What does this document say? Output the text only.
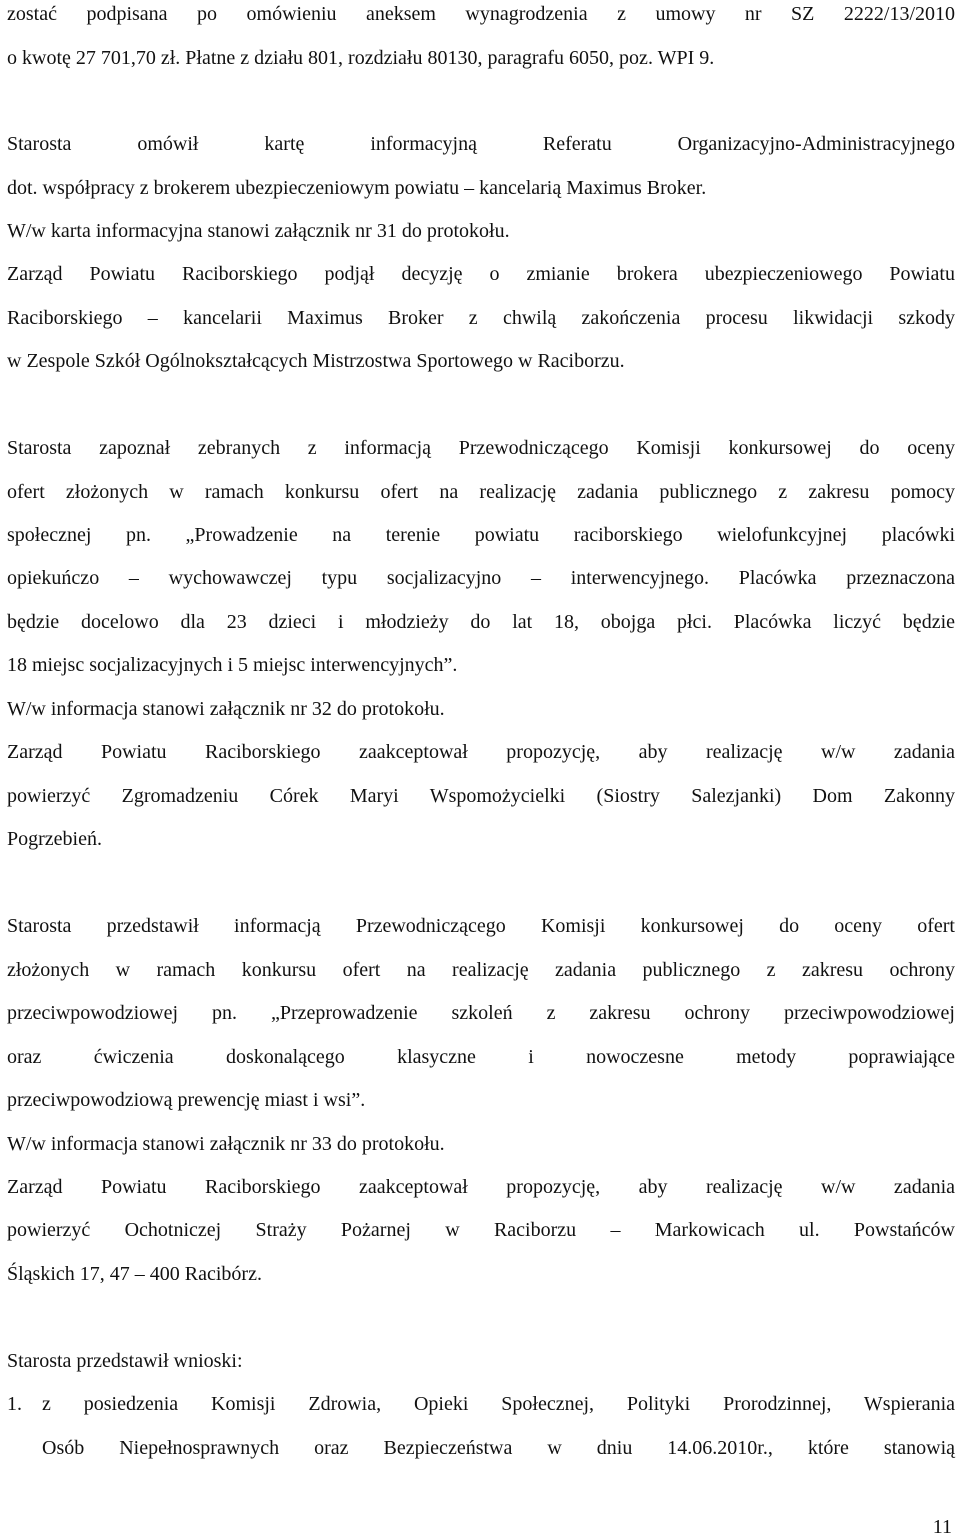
zostać podpisana po omówieniu aneksem wynagrodzenia z umowy nr SZ 2222/13/2010
o kwotę 27 701,70 zł. Płatne z działu 801, rozdziału 80130, paragrafu 6050, poz. WPI 9.
Starosta omówił kartę informacyjną Referatu Organizacyjno-Administracyjnego
dot. współpracy z brokerem ubezpieczeniowym powiatu – kancelarią Maximus Broker.
W/w karta informacyjna stanowi załącznik nr 31 do protokołu.
Zarząd Powiatu Raciborskiego podjął decyzję o zmianie brokera ubezpieczeniowego Powiatu
Raciborskiego – kancelarii Maximus Broker z chwilą zakończenia procesu likwidacji szkody
w Zespole Szkół Ogólnokształcących Mistrzostwa Sportowego w Raciborzu.
Starosta zapoznał zebranych z informacją Przewodniczącego Komisji konkursowej do oceny
ofert złożonych w ramach konkursu ofert na realizację zadania publicznego z zakresu pomocy
społecznej pn. „Prowadzenie na terenie powiatu raciborskiego wielofunkcyjnej placówki
opiekuńczo – wychowawczej typu socjalizacyjno – interwencyjnego. Placówka przeznaczona
będzie docelowo dla 23 dzieci i młodzieży do lat 18, obojga płci. Placówka liczyć będzie
18 miejsc socjalizacyjnych i 5 miejsc interwencyjnych”.
W/w informacja stanowi załącznik nr 32 do protokołu.
Zarząd Powiatu Raciborskiego zaakceptował propozycję, aby realizację w/w zadania
powierzyć Zgromadzeniu Córek Maryi Wspomożycielki (Siostry Salezjanki) Dom Zakonny
Pogrzebień.
Starosta przedstawił informacją Przewodniczącego Komisji konkursowej do oceny ofert
złożonych w ramach konkursu ofert na realizację zadania publicznego z zakresu ochrony
przeciwpowodziowej pn. „Przeprowadzenie szkoleń z zakresu ochrony przeciwpowodziowej
oraz ćwiczenia doskonalącego klasyczne i nowoczesne metody poprawiające
przeciwpowodziową prewencję miast i wsi”.
W/w informacja stanowi załącznik nr 33 do protokołu.
Zarząd Powiatu Raciborskiego zaakceptował propozycję, aby realizację w/w zadania
powierzyć Ochotniczej Straży Pożarnej w Raciborzu – Markowicach ul. Powstańców
Śląskich 17, 47 – 400 Racibórz.
Starosta przedstawił wnioski:
1. z posiedzenia Komisji Zdrowia, Opieki Społecznej, Polityki Prorodzinnej, Wspierania
Osób Niepełnosprawnych oraz Bezpieczeństwa w dniu 14.06.2010r., które stanowią
11
